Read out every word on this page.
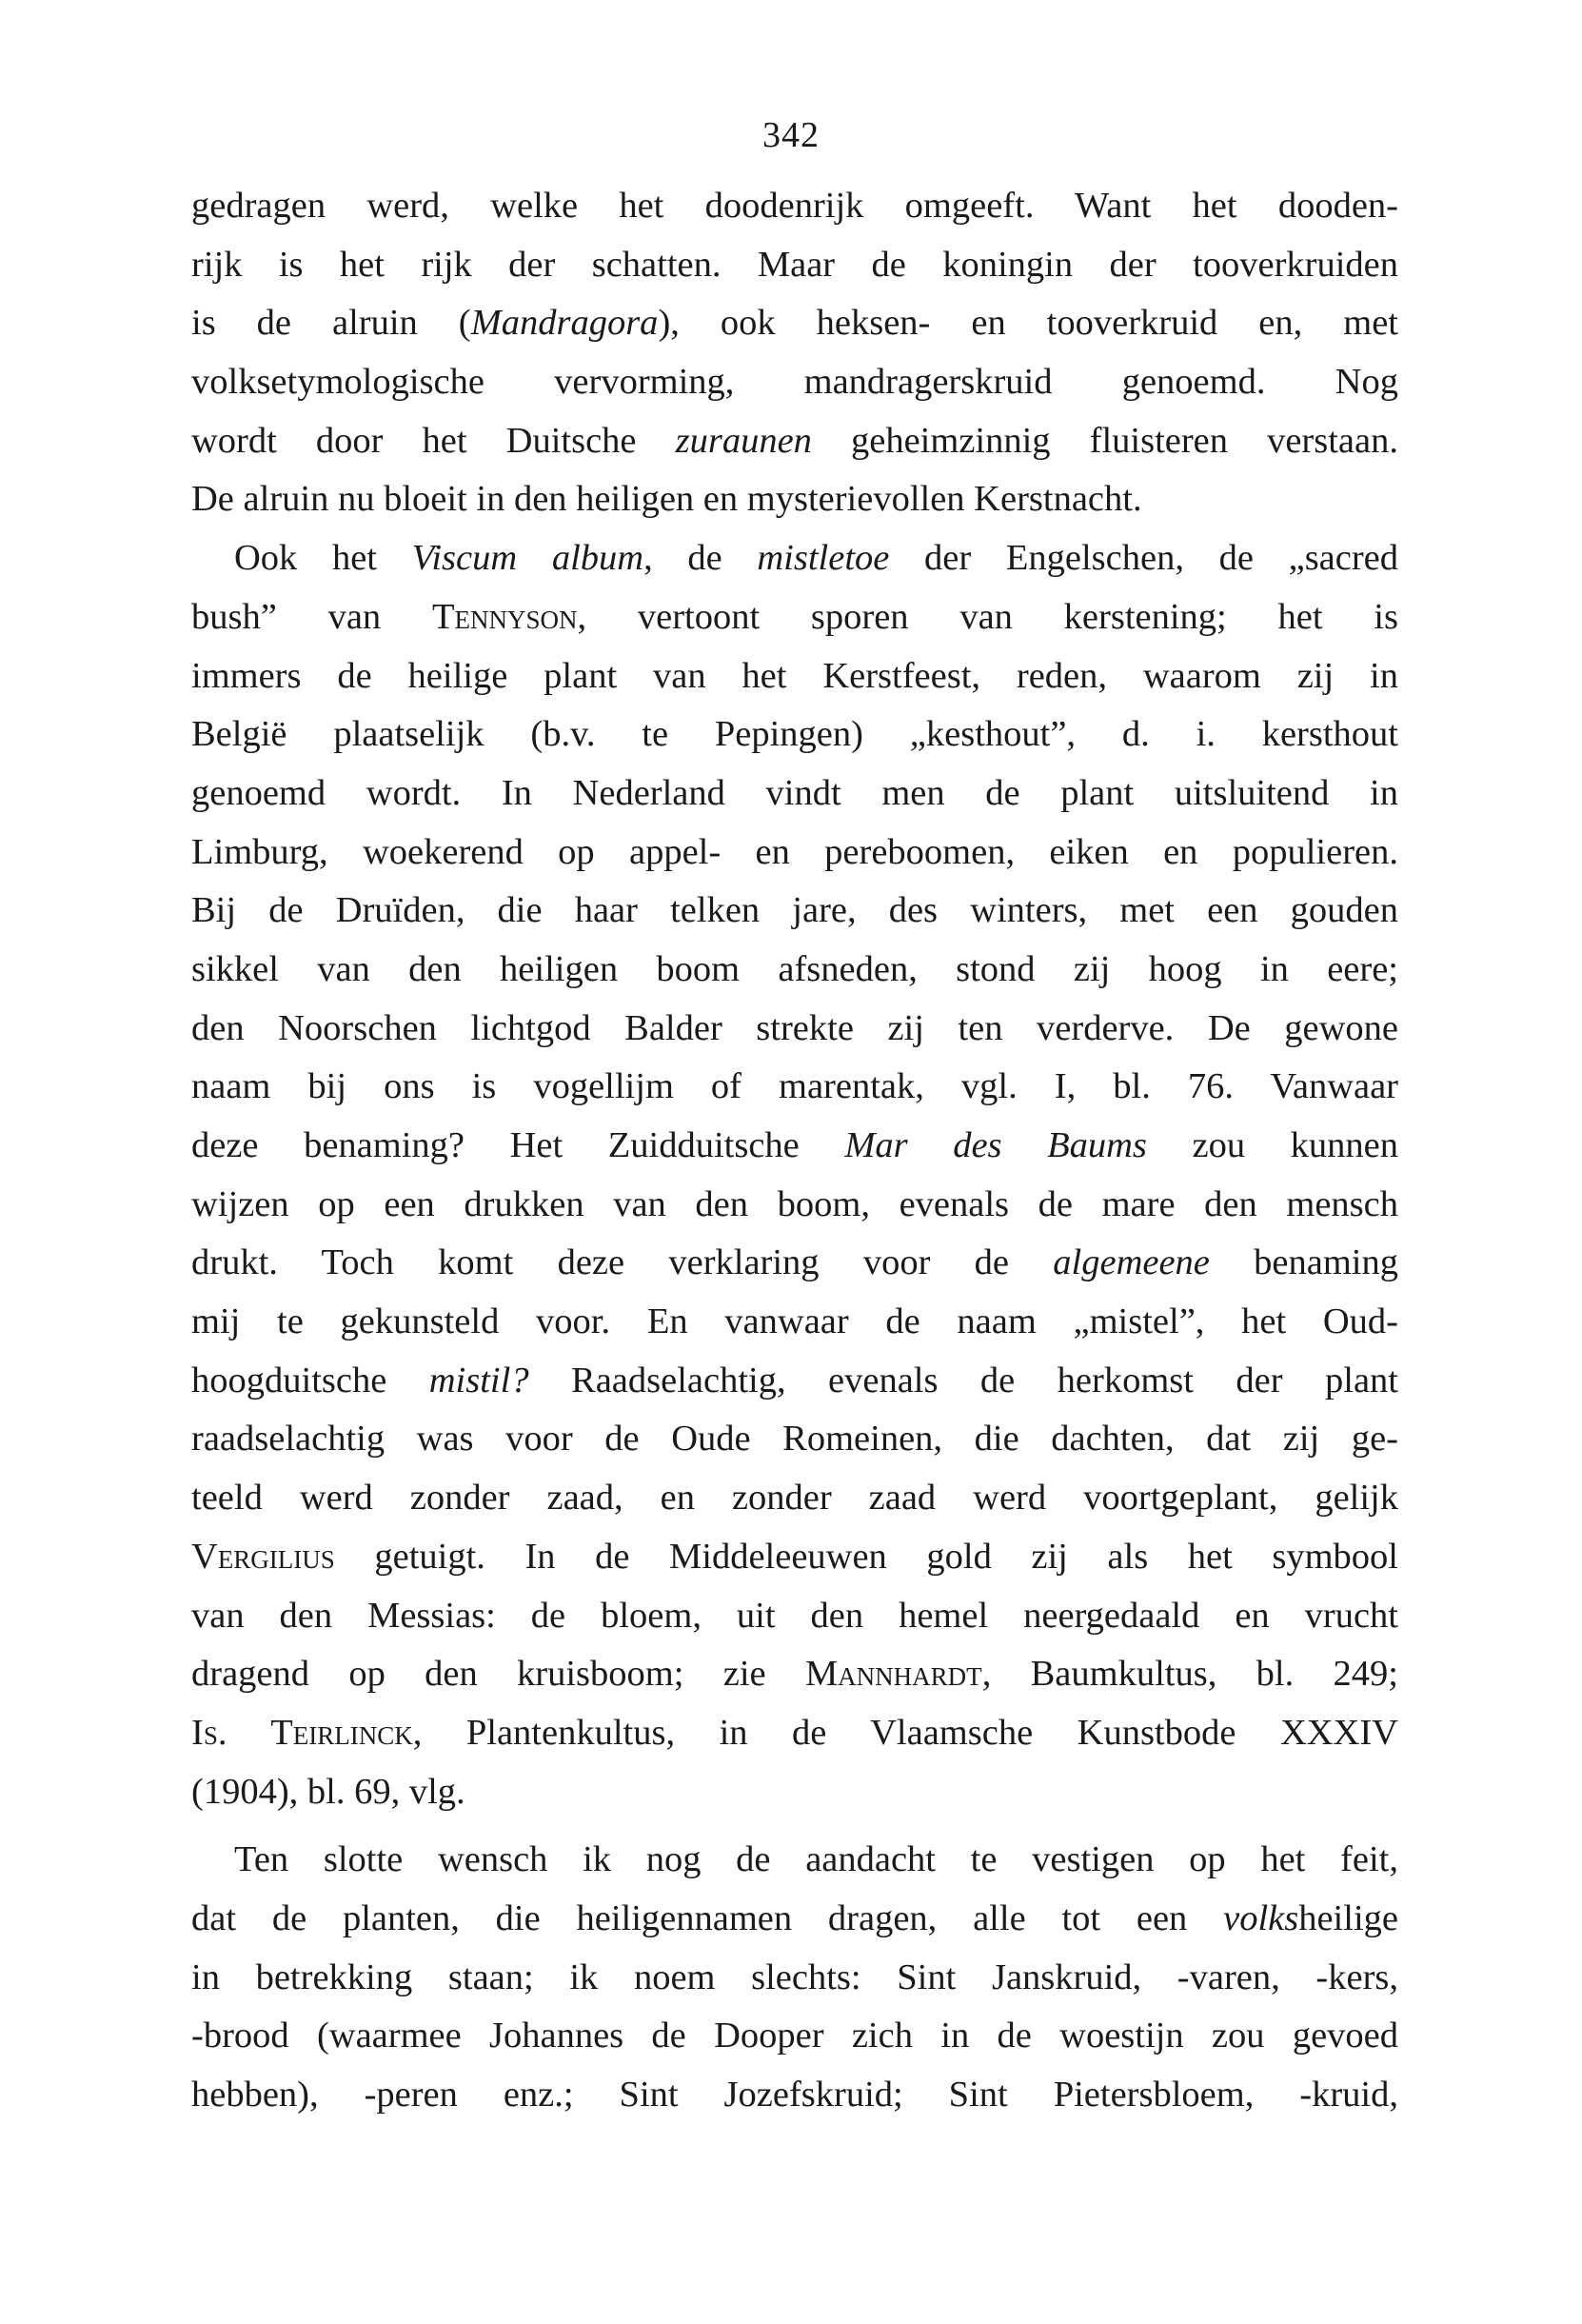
342
gedragen werd, welke het doodenrijk omgeeft. Want het dooden-
rijk is het rijk der schatten. Maar de koningin der tooverkruiden
is de alruin (Mandragora), ook heksen- en tooverkruid en, met
volksetymologische vervorming, mandragerskruid genoemd. Nog
wordt door het Duitsche zuraunen geheimzinnig fluisteren verstaan.
De alruin nu bloeit in den heiligen en mysterievollen Kerstnacht.
Ook het Viscum album, de mistletoe der Engelschen, de „sacred
bush” van Tennyson, vertoont sporen van kerstening; het is
immers de heilige plant van het Kerstfeest, reden, waarom zij in
België plaatselijk (b.v. te Pepingen) „kesthout”, d. i. kersthout
genoemd wordt. In Nederland vindt men de plant uitsluitend in
Limburg, woekerend op appel- en pereboomen, eiken en populieren.
Bij de Druïden, die haar telken jare, des winters, met een gouden
sikkel van den heiligen boom afsneden, stond zij hoog in eere;
den Noorschen lichtgod Balder strekte zij ten verderve. De gewone
naam bij ons is vogellijm of marentak, vgl. I, bl. 76. Vanwaar
deze benaming? Het Zuidduitsche Mar des Baums zou kunnen
wijzen op een drukken van den boom, evenals de mare den mensch
drukt. Toch komt deze verklaring voor de algemeene benaming
mij te gekunsteld voor. En vanwaar de naam „mistel”, het Oud-
hoogduitsche mistil? Raadselachtig, evenals de herkomst der plant
raadselachtig was voor de Oude Romeinen, die dachten, dat zij ge-
teeld werd zonder zaad, en zonder zaad werd voortgeplant, gelijk
Vergilius getuigt. In de Middeleeuwen gold zij als het symbool
van den Messias: de bloem, uit den hemel neergedaald en vrucht
dragend op den kruisboom; zie Mannhardt, Baumkultus, bl. 249;
Is. Teirlinck, Plantenkultus, in de Vlaamsche Kunstbode XXXIV
(1904), bl. 69, vlg.
Ten slotte wensch ik nog de aandacht te vestigen op het feit,
dat de planten, die heiligennamen dragen, alle tot een volksheilige
in betrekking staan; ik noem slechts: Sint Janskruid, -varen, -kers,
-brood (waarmee Johannes de Dooper zich in de woestijn zou gevoed
hebben), -peren enz.; Sint Jozefskruid; Sint Pietersbloem, -kruid,
